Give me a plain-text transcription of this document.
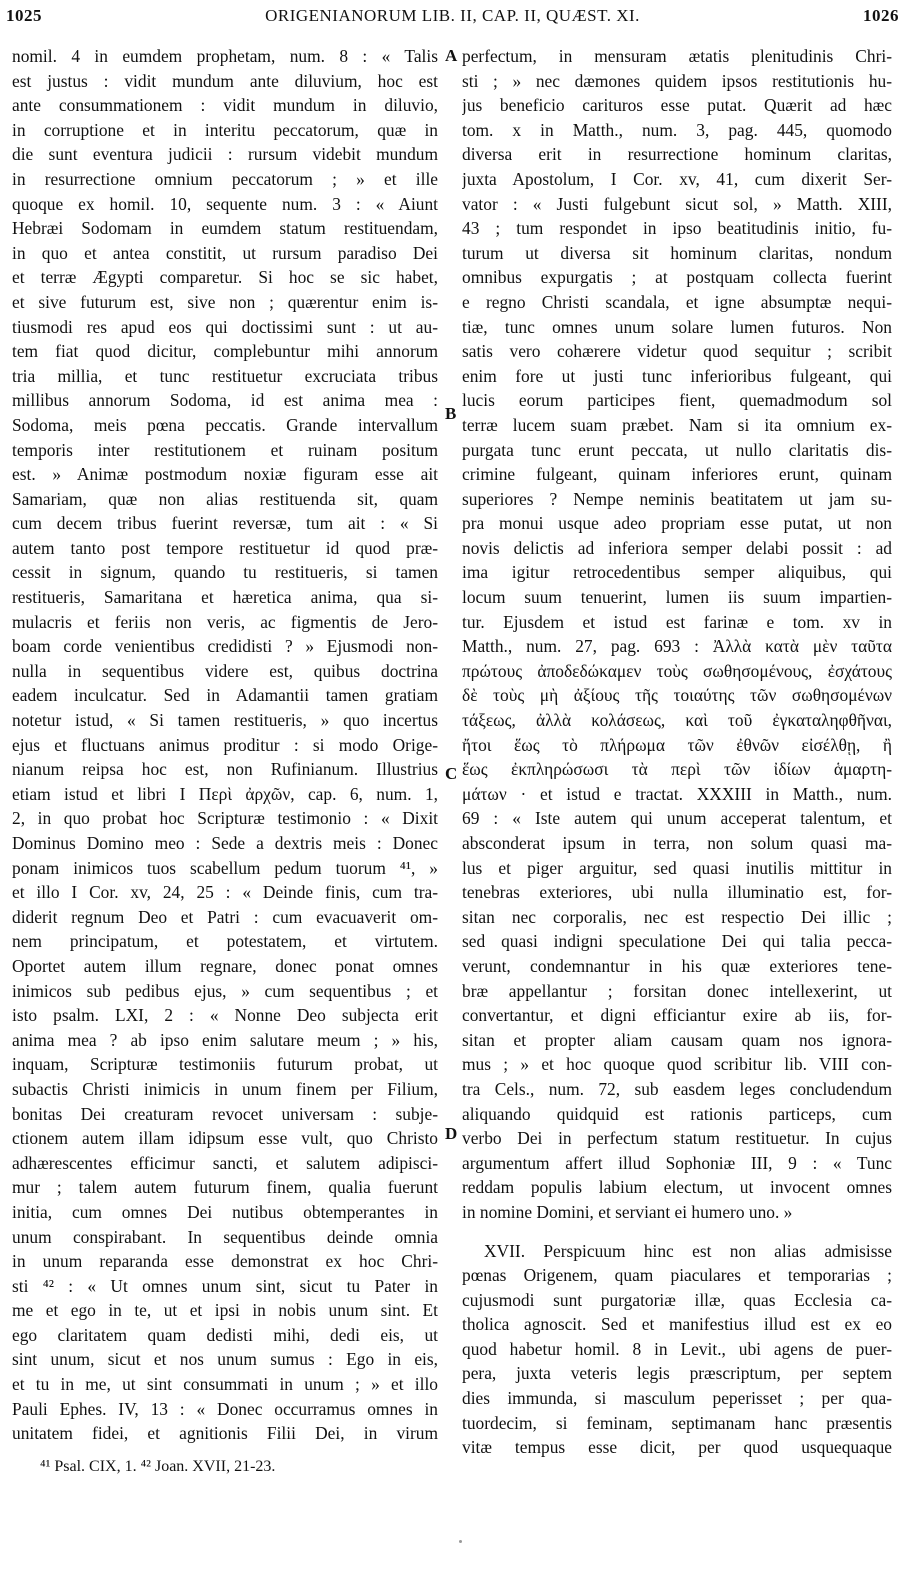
1025	ORIGENIANORUM LIB. II, CAP. II, QUÆST. XI.	1026
nomil. 4 in eumdem prophetam, num. 8 : « Talis
est justus : vidit mundum ante diluvium, hoc est
ante consummationem : vidit mundum in diluvio,
in corruptione et in interitu peccatorum, quæ in
die sunt eventura judicii : rursum videbit mundum
in resurrectione omnium peccatorum ; » et ille
quoque ex homil. 10, sequente num. 3 : « Aiunt
Hebræi Sodomam in eumdem statum restituendam,
in quo et antea constitit, ut rursum paradiso Dei
et terræ Ægypti comparetur. Si hoc se sic habet,
et sive futurum est, sive non ; quærentur enim is-
tiusmodi res apud eos qui doctissimi sunt : ut au-
tem fiat quod dicitur, complebuntur mihi annorum
tria millia, et tunc restituetur excruciata tribus
millibus annorum Sodoma, id est anima mea :
Sodoma, meis pœna peccatis. Grande intervallum
temporis inter restitutionem et ruinam positum
est. » Animæ postmodum noxiæ figuram esse ait
Samariam, quæ non alias restituenda sit, quam
cum decem tribus fuerint reversæ, tum ait : « Si
autem tanto post tempore restituetur id quod præ-
cessit in signum, quando tu restitueris, si tamen
restitueris, Samaritana et hæretica anima, qua si-
mulacris et feriis non veris, ac figmentis de Jero-
boam corde venientibus credidisti ? » Ejusmodi non-
nulla in sequentibus videre est, quibus doctrina
eadem inculcatur. Sed in Adamantii tamen gratiam
notetur istud, « Si tamen restitueris, » quo incertus
ejus et fluctuans animus proditur : si modo Orige-
nianum reipsa hoc est, non Rufinianum. Illustrius
etiam istud et libri I Περὶ ἀρχῶν, cap. 6, num. 1,
2, in quo probat hoc Scripturæ testimonio : « Dixit
Dominus Domino meo : Sede a dextris meis : Donec
ponam inimicos tuos scabellum pedum tuorum ⁴¹, »
et illo I Cor. xv, 24, 25 : « Deinde finis, cum tra-
diderit regnum Deo et Patri : cum evacuaverit om-
nem principatum, et potestatem, et virtutem.
Oportet autem illum regnare, donec ponat omnes
inimicos sub pedibus ejus, » cum sequentibus ; et
isto psalm. LXI, 2 : « Nonne Deo subjecta erit
anima mea ? ab ipso enim salutare meum ; » his,
inquam, Scripturæ testimoniis futurum probat, ut
subactis Christi inimicis in unum finem per Filium,
bonitas Dei creaturam revocet universam : subje-
ctionem autem illam idipsum esse vult, quo Christo
adhærescentes efficimur sancti, et salutem adipisci-
mur ; talem autem futurum finem, qualia fuerunt
initia, cum omnes Dei nutibus obtemperantes in
unum conspirabant. In sequentibus deinde omnia
in unum reparanda esse demonstrat ex hoc Chri-
sti ⁴² : « Ut omnes unum sint, sicut tu Pater in
me et ego in te, ut et ipsi in nobis unum sint. Et
ego claritatem quam dedisti mihi, dedi eis, ut
sint unum, sicut et nos unum sumus : Ego in eis,
et tu in me, ut sint consummati in unum ; » et illo
Pauli Ephes. IV, 13 : « Donec occurramus omnes in
unitatem fidei, et agnitionis Filii Dei, in virum
perfectum, in mensuram ætatis plenitudinis Chri-
sti ; » nec dæmones quidem ipsos restitutionis hu-
jus beneficio carituros esse putat. Quærit ad hæc
tom. x in Matth., num. 3, pag. 445, quomodo
diversa erit in resurrectione hominum claritas,
juxta Apostolum, I Cor. xv, 41, cum dixerit Ser-
vator : « Justi fulgebunt sicut sol, » Matth. XIII,
43 ; tum respondet in ipso beatitudinis initio, fu-
turum ut diversa sit hominum claritas, nondum
omnibus expurgatis ; at postquam collecta fuerint
e regno Christi scandala, et igne absumptæ nequi-
tiæ, tunc omnes unum solare lumen futuros. Non
satis vero cohærere videtur quod sequitur ; scribit
enim fore ut justi tunc inferioribus fulgeant, qui
lucis eorum participes fient, quemadmodum sol
terræ lucem suam præbet. Nam si ita omnium ex-
purgata tunc erunt peccata, ut nullo claritatis dis-
crimine fulgeant, quinam inferiores erunt, quinam
superiores ? Nempe neminis beatitatem ut jam su-
pra monui usque adeo propriam esse putat, ut non
novis delictis ad inferiora semper delabi possit : ad
ima igitur retrocedentibus semper aliquibus, qui
locum suum tenuerint, lumen iis suum impartien-
tur. Ejusdem et istud est farinæ e tom. xv in
Matth., num. 27, pag. 693 : Ἀλλὰ κατὰ μὲν ταῦτα
πρώτους ἀποδεδώκαμεν τοὺς σωθησομένους, ἐσχάτους
δὲ τοὺς μὴ ἀξίους τῆς τοιαύτης τῶν σωθησομένων
τάξεως, ἀλλὰ κολάσεως, καὶ τοῦ ἐγκαταληφθῆναι,
ἤτοι ἕως τὸ πλήρωμα τῶν ἐθνῶν εἰσέλθῃ, ἢ
ἕως ἐκπληρώσωσι τὰ περὶ τῶν ἰδίων ἁμαρτη-
μάτων · et istud e tractat. XXXIII in Matth., num.
69 : « Iste autem qui unum acceperat talentum, et
absconderat ipsum in terra, non solum quasi ma-
lus et piger arguitur, sed quasi inutilis mittitur in
tenebras exteriores, ubi nulla illuminatio est, for-
sitan nec corporalis, nec est respectio Dei illic ;
sed quasi indigni speculatione Dei qui talia pecca-
verunt, condemnantur in his quæ exteriores tene-
bræ appellantur ; forsitan donec intellexerint, ut
convertantur, et digni efficiantur exire ab iis, for-
sitan et propter aliam causam quam nos ignora-
mus ; » et hoc quoque quod scribitur lib. VIII con-
tra Cels., num. 72, sub easdem leges concludendum
aliquando quidquid est rationis particeps, cum
verbo Dei in perfectum statum restituetur. In cujus
argumentum affert illud Sophoniæ III, 9 : « Tunc
reddam populis labium electum, ut invocent omnes
in nomine Domini, et serviant ei humero uno. »
XVII. Perspicuum hinc est non alias admisisse
pœnas Origenem, quam piaculares et temporarias ;
cujusmodi sunt purgatoriæ illæ, quas Ecclesia ca-
tholica agnoscit. Sed et manifestius illud est ex eo
quod habetur homil. 8 in Levit., ubi agens de puer-
pera, juxta veteris legis præscriptum, per septem
dies immunda, si masculum peperisset ; per qua-
tuordecim, si feminam, septimanam hanc præsentis
vitæ tempus esse dicit, per quod usquequaque
A
B
C
D
⁴¹ Psal. CIX, 1. ⁴² Joan. XVII, 21-23.
